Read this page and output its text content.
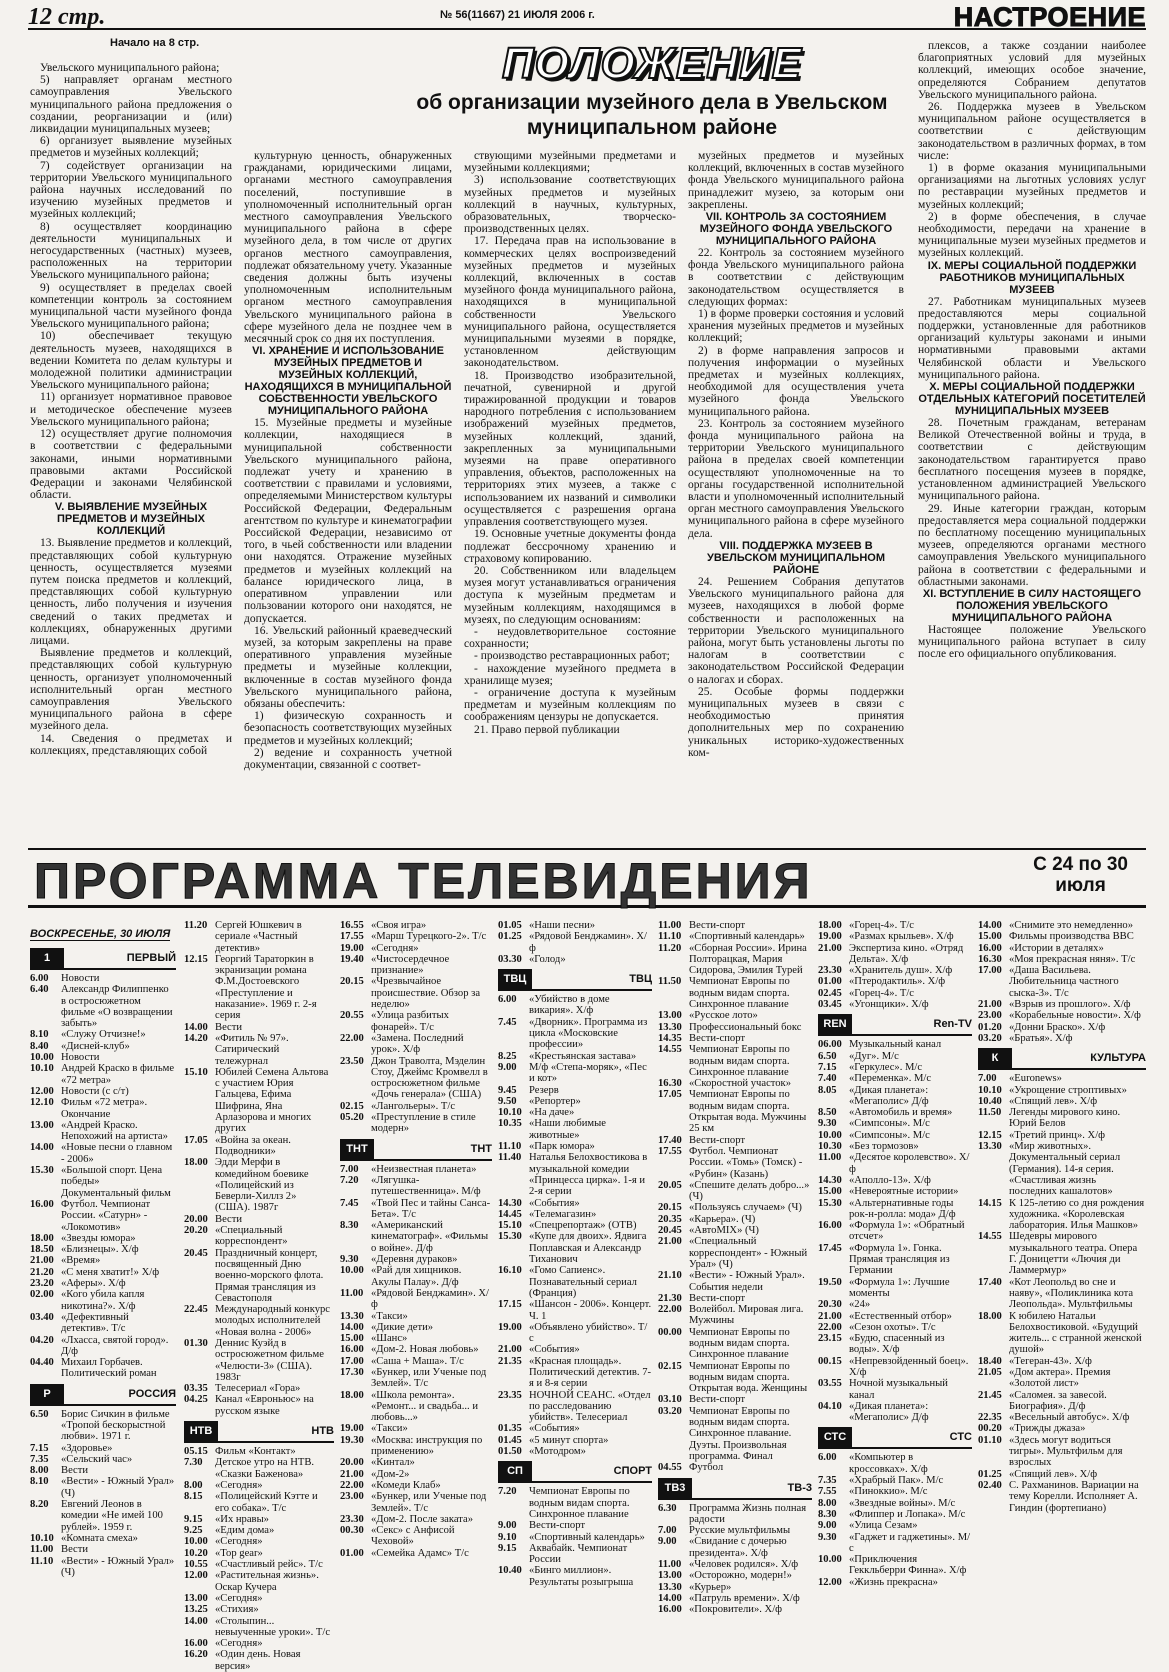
12 стр.	№ 56(11667) 21 ИЮЛЯ 2006 г.	НАСТРОЕНИЕ
Начало на 8 стр.	ПОЛОЖЕНИЕ
об организации музейного дела в Увельском муниципальном районе

Увельского муниципального района;

5) направляет органам местного самоуправления Увельского муниципального района предложения о создании, реорганизации и (или) ликвидации муниципальных музеев;

6) организует выявление музейных предметов и музейных коллекций;

7) содействует организации на территории Увельского муниципального района научных исследований по изучению музейных предметов и музейных коллекций;

8) осуществляет координацию деятельности муниципальных и негосударственных (частных) музеев, расположенных на территории Увельского муниципального района;

9) осуществляет в пределах своей компетенции контроль за состоянием муниципальной части музейного фонда Увельского муниципального района;

10) обеспечивает текущую деятельность музеев, находящихся в ведении Комитета по делам культуры и молодежной политики администрации Увельского муниципального района;

11) организует нормативное правовое и методическое обеспечение музеев Увельского муниципального района;

12) осуществляет другие полномочия в соответствии с федеральными законами, иными нормативными правовыми актами Российской Федерации и законами Челябинской области.

V. ВЫЯВЛЕНИЕ МУЗЕЙНЫХ ПРЕДМЕТОВ И МУЗЕЙНЫХ КОЛЛЕКЦИЙ

13. Выявление предметов и коллекций, представляющих собой культурную ценность, осуществляется музеями путем поиска предметов и коллекций, представляющих собой культурную ценность, либо получения и изучения сведений о таких предметах и коллекциях, обнаруженных другими лицами.

Выявление предметов и коллекций, представляющих собой культурную ценность, организует уполномоченный исполнительный орган местного самоуправления Увельского муниципального района в сфере музейного дела.

14. Сведения о предметах и коллекциях, представляющих собой

культурную ценность, обнаруженных гражданами, юридическими лицами, органами местного самоуправления поселений, поступившие в уполномоченный исполнительный орган местного самоуправления Увельского муниципального района в сфере музейного дела, в том числе от других органов местного самоуправления, подлежат обязательному учету. Указанные сведения должны быть изучены уполномоченным исполнительным органом местного самоуправления Увельского муниципального района в сфере музейного дела не позднее чем в месячный срок со дня их поступления.

VI. ХРАНЕНИЕ И ИСПОЛЬЗОВАНИЕ МУЗЕЙНЫХ ПРЕДМЕТОВ И МУЗЕЙНЫХ КОЛЛЕКЦИЙ, НАХОДЯЩИХСЯ В МУНИЦИПАЛЬНОЙ СОБСТВЕННОСТИ УВЕЛЬСКОГО МУНИЦИПАЛЬНОГО РАЙОНА

15. Музейные предметы и музейные коллекции, находящиеся в муниципальной собственности Увельского муниципального района, подлежат учету и хранению в соответствии с правилами и условиями, определяемыми Министерством культуры Российской Федерации, Федеральным агентством по культуре и кинематографии Российской Федерации, независимо от того, в чьей собственности или владении они находятся. Отражение музейных предметов и музейных коллекций на балансе юридического лица, в оперативном управлении или пользовании которого они находятся, не допускается.

16. Увельский районный краеведческий музей, за которым закреплены на праве оперативного управления музейные предметы и музейные коллекции, включенные в состав музейного фонда Увельского муниципального района, обязаны обеспечить:

1) физическую сохранность и безопасность соответствующих музейных предметов и музейных коллекций;

2) ведение и сохранность учетной документации, связанной с соответ-

ствующими музейными предметами и музейными коллекциями;

3) использование соответствующих музейных предметов и музейных коллекций в научных, культурных, образовательных, творческо-производственных целях.

17. Передача прав на использование в коммерческих целях воспроизведений музейных предметов и музейных коллекций, включенных в состав музейного фонда муниципального района, находящихся в муниципальной собственности Увельского муниципального района, осуществляется муниципальными музеями в порядке, установленном действующим законодательством.

18. Производство изобразительной, печатной, сувенирной и другой тиражированной продукции и товаров народного потребления с использованием изображений музейных предметов, музейных коллекций, зданий, закрепленных за муниципальными музеями на праве оперативного управления, объектов, расположенных на территориях этих музеев, а также с использованием их названий и символики осуществляется с разрешения органа управления соответствующего музея.

19. Основные учетные документы фонда подлежат бессрочному хранению и страховому копированию.

20. Собственником или владельцем музея могут устанавливаться ограничения доступа к музейным предметам и музейным коллекциям, находящимся в музеях, по следующим основаниям:

- неудовлетворительное состояние сохранности;

- производство реставрационных работ;

- нахождение музейного предмета в хранилище музея;

- ограничение доступа к музейным предметам и музейным коллекциям по соображениям цензуры не допускается.

21. Право первой публикации

музейных предметов и музейных коллекций, включенных в состав музейного фонда Увельского муниципального района принадлежит музею, за которым они закреплены.

VII. КОНТРОЛЬ ЗА СОСТОЯНИЕМ МУЗЕЙНОГО ФОНДА УВЕЛЬСКОГО МУНИЦИПАЛЬНОГО РАЙОНА

22. Контроль за состоянием музейного фонда Увельского муниципального района в соответствии с действующим законодательством осуществляется в следующих формах:

1) в форме проверки состояния и условий хранения музейных предметов и музейных коллекций;

2) в форме направления запросов и получения информации о музейных предметах и музейных коллекциях, необходимой для осуществления учета музейного фонда Увельского муниципального района.

23. Контроль за состоянием музейного фонда муниципального района на территории Увельского муниципального района в пределах своей компетенции осуществляют уполномоченные на то органы государственной исполнительной власти и уполномоченный исполнительный орган местного самоуправления Увельского муниципального района в сфере музейного дела.

VIII. ПОДДЕРЖКА МУЗЕЕВ В УВЕЛЬСКОМ МУНИЦИПАЛЬНОМ РАЙОНЕ

24. Решением Собрания депутатов Увельского муниципального района для музеев, находящихся в любой форме собственности и расположенных на территории Увельского муниципального района, могут быть установлены льготы по налогам в соответствии с законодательством Российской Федерации о налогах и сборах.

25. Особые формы поддержки муниципальных музеев в связи с необходимостью принятия дополнительных мер по сохранению уникальных историко-художественных ком-

плексов, а также создании наиболее благоприятных условий для музейных коллекций, имеющих особое значение, определяются Собранием депутатов Увельского муниципального района.

26. Поддержка музеев в Увельском муниципальном районе осуществляется в соответствии с действующим законодательством в различных формах, в том числе:

1) в форме оказания муниципальными организациями на льготных условиях услуг по реставрации музейных предметов и музейных коллекций;

2) в форме обеспечения, в случае необходимости, передачи на хранение в муниципальные музеи музейных предметов и музейных коллекций.

IX. МЕРЫ СОЦИАЛЬНОЙ ПОДДЕРЖКИ РАБОТНИКОВ МУНИЦИПАЛЬНЫХ МУЗЕЕВ

27. Работникам муниципальных музеев предоставляются меры социальной поддержки, установленные для работников организаций культуры законами и иными нормативными правовыми актами Челябинской области и Увельского муниципального района.

X. МЕРЫ СОЦИАЛЬНОЙ ПОДДЕРЖКИ ОТДЕЛЬНЫХ КАТЕГОРИЙ ПОСЕТИТЕЛЕЙ МУНИЦИПАЛЬНЫХ МУЗЕЕВ

28. Почетным гражданам, ветеранам Великой Отечественной войны и труда, в соответствии с действующим законодательством гарантируется право бесплатного посещения музеев в порядке, установленном администрацией Увельского муниципального района.

29. Иные категории граждан, которым предоставляется мера социальной поддержки по бесплатному посещению муниципальных музеев, определяются органами местного самоуправления Увельского муниципального района в соответствии с федеральными и областными законами.

XI. ВСТУПЛЕНИЕ В СИЛУ НАСТОЯЩЕГО ПОЛОЖЕНИЯ УВЕЛЬСКОГО МУНИЦИПАЛЬНОГО РАЙОНА

Настоящее положение Увельского муниципального района вступает в силу после его официального опубликования.

ПРОГРАММА ТЕЛЕВИДЕНИЯ	С 24 по 30
июля
ВОСКРЕСЕНЬЕ, 30 ИЮЛЯ
1	ПЕРВЫЙ
6.00	Новости
6.40	Александр Филиппенко в остросюжетном фильме «О возвращении забыть»
8.10	«Служу Отчизне!»
8.40	«Дисней-клуб»
10.00 Новости
10.10 Андрей Краско в фильме «72 метра»
12.00 Новости (с с/т)
12.10 Фильм «72 метра». Окончание
13.00 «Андрей Краско. Непохожий на артиста»
14.00 «Новые песни о главном - 2006»
15.30 «Большой спорт. Цена победы» Документальный фильм
16.00 Футбол. Чемпионат России. «Сатурн» - «Локомотив»
18.00 «Звезды юмора»
18.50 «Близнецы». Х/ф
21.00 «Время»
21.20 «С меня хватит!» Х/ф
23.20 «Аферы». Х/ф
02.00 «Кого убила капля никотина?». Х/ф
03.40 «Дефективный детектив». Т/с
04.20 «Лхасса, святой город». Д/ф
04.40 Михаил Горбачев. Политический роман
Р	РОССИЯ
6.50	Борис Сичкин в фильме «Тропой бескорыстной любви». 1971 г.
7.15	«Здоровье»
7.35	«Сельский час»
8.00	Вести
8.10	«Вести» - Южный Урал» (Ч)
8.20	Евгений Леонов в комедии «Не имей 100 рублей». 1959 г.
10.10 «Комната смеха»
11.00 Вести
11.10 «Вести» - Южный Урал» (Ч)
11.20 Сергей Юшкевич в сериале «Частный детектив»
12.15 Георгий Тараторкин в экранизации романа Ф.М.Достоевского «Преступление и наказание». 1969 г. 2-я серия
14.00 Вести
14.20 «Фитиль № 97». Сатирический тележурнал
15.10 Юбилей Семена Альтова с участием Юрия Гальцева, Ефима Шифрина, Яна Арлазорова и многих других
17.05 «Война за океан. Подводники»
18.00 Эдди Мерфи в комедийном боевике «Полицейский из Беверли-Хиллз 2» (США). 1987г
20.00 Вести
20.20 «Специальный корреспондент»
20.45 Праздничный концерт, посвященный Дню военно-морского флота. Прямая трансляция из Севастополя
22.45 Международный конкурс молодых исполнителей «Новая волна - 2006»
01.30 Деннис Куэйд в остросюжетном фильме «Челюсти-3» (США). 1983г
03.35 Телесериал «Гора»
04.25 Канал «Евроньюс» на русском языке
НТВ	НТВ
05.15 Фильм «Контакт»
7.30	Детское утро на НТВ. «Сказки Баженова»
8.00	«Сегодня»
8.15	«Полицейский Кэтте и его собака». Т/с
9.15	«Их нравы»
9.25	«Едим дома»
10.00 «Сегодня»
10.20 «Top gear»
10.55 «Счастливый рейс». Т/с
12.00 «Растительная жизнь». Оскар Кучера
13.00 «Сегодня»
13.25 «Стихия»
14.00 «Столыпин... невыученные уроки». Т/с
16.00 «Сегодня»
16.20 «Один день. Новая версия»
16.55 «Своя игра»
17.55 «Марш Турецкого-2». Т/с
19.00 «Сегодня»
19.40 «Чистосердечное признание»
20.15 «Чрезвычайное происшествие. Обзор за неделю»
20.55 «Улица разбитых фонарей». Т/с
22.00 «Замена. Последний урок». Х/ф
23.50 Джон Траволта, Мэделин Стоу, Джеймс Кромвелл в остросюжетном фильме «Дочь генерала» (США)
02.15 «Лангольеры». Т/с
05.20 «Преступление в стиле модерн»
ТНТ	ТНТ
7.00	«Неизвестная планета»
7.20	«Лягушка-путешественница». М/ф
7.45	«Твой Пес и тайны Санса-Бета». Т/с
8.30	«Американский кинематограф». «Фильмы о войне». Д/ф
9.30	«Деревня дураков»
10.00 «Рай для хищников. Акулы Палау». Д/ф
11.00 «Рядовой Бенджамин». Х/ф
13.30 «Такси»
14.00 «Дикие дети»
15.00 «Шанс»
16.00 «Дом-2. Новая любовь»
17.00 «Саша + Маша». Т/с
17.30 «Бункер, или Ученые под Землей». Т/с
18.00 «Школа ремонта». «Ремонт... и свадьба... и любовь...»
19.00 «Такси»
19.30 «Москва: инструкция по применению»
20.00 «Кинтал»
21.00 «Дом-2»
22.00 «Комеди Клаб»
23.00 «Бункер, или Ученые под Землей». Т/с
23.30 «Дом-2. После заката»
00.30 «Секс» с Анфисой Чеховой»
01.00 «Семейка Адамс» Т/с
01.05 «Наши песни»
01.25 «Рядовой Бенджамин». Х/ф
03.30 «Голод»
ТВЦ	ТВЦ
6.00	«Убийство в доме викария». Х/ф
7.45	«Дворник». Программа из цикла «Московские профессии»
8.25	«Крестьянская застава»
9.00	М/ф «Степа-моряк», «Пес и кот»
9.45	Резерв
9.50	«Репортер»
10.10 «На даче»
10.35 «Наши любимые животные»
11.10 «Парк юмора»
11.40 Наталья Белохвостикова в музыкальной комедии «Принцесса цирка». 1-я и 2-я серии
14.30 «События»
14.45 «Телемагазин»
15.10 «Спецрепортаж» (ОТВ)
15.30 «Купе для двоих». Ядвига Поплавская и Александр Тиханович
16.10 «Гомо Сапиенс». Познавательный сериал (Франция)
17.15 «Шансон - 2006». Концерт. Ч. 1
19.00 «Объявлено убийство». Т/с
21.00 «События»
21.35 «Красная площадь». Политический детектив. 7-я и 8-я серии
23.35 НОЧНОЙ СЕАНС. «Отдел по расследованию убийств». Телесериал
01.35 «События»
01.45 «5 минут спорта»
01.50 «Мотодром»
СП	СПОРТ
7.20	Чемпионат Европы по водным видам спорта. Синхронное плавание
9.00	Вести-спорт
9.10	«Спортивный календарь»
9.15	Аквабайк. Чемпионат России
10.40 «Бинго миллион». Результаты розыгрыша
11.00 Вести-спорт
11.10 «Спортивный календарь»
11.20 «Сборная России». Ирина Полторацкая, Мария Сидорова, Эмилия Турей
11.50 Чемпионат Европы по водным видам спорта. Синхронное плавание
13.00 «Русское лото»
13.30 Профессиональный бокс
14.35 Вести-спорт
14.55 Чемпионат Европы по водным видам спорта. Синхронное плавание
16.30 «Скоростной участок»
17.05 Чемпионат Европы по водным видам спорта. Открытая вода. Мужчины 25 км
17.40 Вести-спорт
17.55 Футбол. Чемпионат России. «Томь» (Томск) - «Рубин» (Казань)
20.05 «Спешите делать добро...» (Ч)
20.15 «Пользуясь случаем» (Ч)
20.35 «Карьера». (Ч)
20.45 «АвтоМIX» (Ч)
21.00 «Специальный корреспондент» - Южный Урал» (Ч)
21.10 «Вести» - Южный Урал». События недели
21.30 Вести-спорт
22.00 Волейбол. Мировая лига. Мужчины
00.00 Чемпионат Европы по водным видам спорта. Синхронное плавание
02.15 Чемпионат Европы по водным видам спорта. Открытая вода. Женщины
03.10 Вести-спорт
03.20 Чемпионат Европы по водным видам спорта. Синхронное плавание. Дуэты. Произвольная программа. Финал
04.55 Футбол
ТВ3	ТВ-3
6.30	Программа Жизнь полная радости
7.00	Русские мультфильмы
9.00	«Свидание с дочерью президента». Х/ф
11.00 «Человек родился». Х/ф
13.00 «Осторожно, модерн!»
13.30 «Курьер»
14.00 «Патруль времени». Х/ф
16.00 «Покровители». Х/ф
18.00 «Горец-4». Т/с
19.00 «Размах крыльев». Х/ф
21.00 Экспертиза кино. «Отряд Дельта». Х/ф
23.30 «Хранитель душ». Х/ф
01.00 «Птеродактиль». Х/ф
02.45 «Горец-4». Т/с
03.45 «Угонщики». Х/ф
REN	Ren-TV
06.00 Музыкальный канал
6.50	«Дуг». М/с
7.15	«Геркулес». М/с
7.40	«Переменка». М/с
8.05	«Дикая планета»: «Мегаполис» Д/ф
8.50	«Автомобиль и время»
9.30	«Симпсоны». М/с
10.00 «Симпсоны». М/с
10.30 «Без тормозов»
11.00 «Десятое королевство». Х/ф
14.30 «Аполло-13». Х/ф
15.00 «Невероятные истории»
15.30 «Альтернативные годы рок-н-ролла: мода» Д/ф
16.00 «Формула 1»: «Обратный отсчет»
17.45 «Формула 1». Гонка. Прямая трансляция из Германии
19.50 «Формула 1»: Лучшие моменты
20.30 «24»
21.00 «Естественный отбор»
22.00 «Сезон охоты». Т/с
23.15 «Будю, спасенный из воды». Х/ф
00.15 «Непревзойденный боец». Х/ф
03.55 Ночной музыкальный канал
04.10 «Дикая планета»: «Мегаполис» Д/ф
СТС	СТС
6.00	«Компьютер в кроссовках». Х/ф
7.35	«Храбрый Пак». М/с
7.55	«Пиноккио». М/с
8.00	«Звездные войны». М/с
8.30	«Флиппер и Лопака». М/с
9.00	«Улица Сезам»
9.30	«Гаджет и гаджетины». М/с
10.00 «Приключения Геккльберри Финна». Х/ф
12.00 «Жизнь прекрасна»
14.00 «Снимите это немедленно»
15.00 Фильмы производства ВВС
16.00 «Истории в деталях»
16.30 «Моя прекрасная няня». Т/с
17.00 «Даша Васильева. Любительница частного сыска-3». Т/с
21.00 «Взрыв из прошлого». Х/ф
23.00 «Корабельные новости». Х/ф
01.20 «Донни Браско». Х/ф
03.20 «Братья». Х/ф
К	КУЛЬТУРА
7.00	«Euronews»
10.10 «Укрощение строптивых»
10.40 «Спящий лев». Х/ф
11.50 Легенды мирового кино. Юрий Белов
12.15 «Третий принц». Х/ф
13.30 «Мир животных». Документальный сериал (Германия). 14-я серия. «Счастливая жизнь последних кашалотов»
14.15 К 125-летию со дня рождения художника. «Королевская лаборатория. Илья Машков»
14.55 Шедевры мирового музыкального театра. Опера Г. Доницетти «Лючия ди Ламмермур»
17.40 «Кот Леопольд во сне и наяву», «Поликлиника кота Леопольда». Мультфильмы
18.00 К юбилею Натальи Белохвостиковой. «Будущий житель... с странной женской душой»
18.40 «Тегеран-43». Х/ф
21.05 «Дом актера». Премия «Золотой лист»
21.45 «Саломея. за завесой. Биография». Д/ф
22.35 «Весельный автобус». Х/ф
00.20 «Трижды джаза»
01.10 «Здесь могут водиться тигры». Мультфильм для взрослых
01.25 «Спящий лев». Х/ф
02.40 С. Рахманинов. Вариации на тему Корелли. Исполняет А. Гиндин (фортепиано)
